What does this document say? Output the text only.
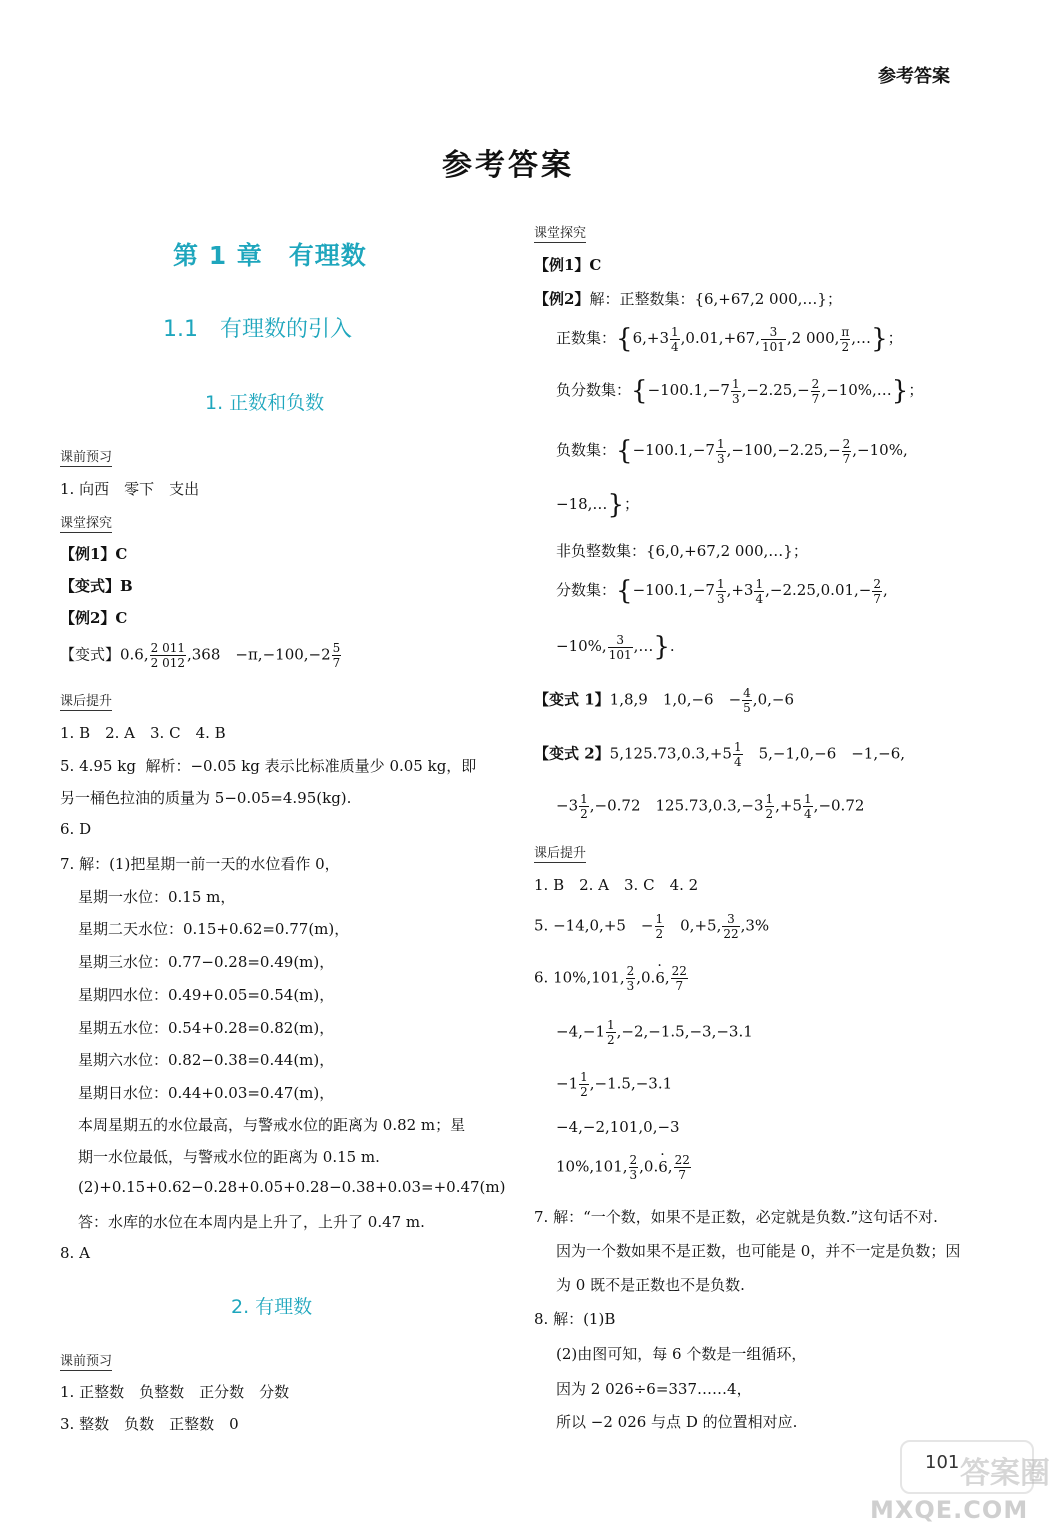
参考答案
参考答案
第 1 章　有理数
1.1　有理数的引入
1. 正数和负数
课前预习
1. 向西　零下　支出
课堂探究
【例1】C
【变式】B
【例2】C
【变式】0.6, $\frac{2 011}{2 012} ,368$　$-\pi,-100,-2 \frac{5}{7}$
课后提升
1. B　2. A　3. C　4. B
5. 4.95 kg 解析：−0.05 kg 表示比标准质量少 0.05 kg，即
另一桶色拉油的质量为 5−0.05=4.95(kg).
6. D
7. 解：(1)把星期一前一天的水位看作 0，
星期一水位：0.15 m，
星期二天水位：0.15+0.62=0.77(m)，
星期三水位：0.77−0.28=0.49(m)，
星期四水位：0.49+0.05=0.54(m)，
星期五水位：0.54+0.28=0.82(m)，
星期六水位：0.82−0.38=0.44(m)，
星期日水位：0.44+0.03=0.47(m)，
本周星期五的水位最高，与警戒水位的距离为 0.82 m；星
期一水位最低，与警戒水位的距离为 0.15 m.
(2)+0.15+0.62−0.28+0.05+0.28−0.38+0.03=+0.47(m)
答：水库的水位在本周内是上升了，上升了 0.47 m.
8. A
2. 有理数
课前预习
1. 正整数　负整数　正分数　分数
3. 整数　负数　正整数　0
课堂探究
【例1】C
【例2】解：正整数集：{6,+67,2 000,…}；
正数集：{$6,+3 \frac{1}{4} ,0.01,+67$, $\frac{3}{101} ,2$ 000, $\frac{\pi}{2}$ ,…}；
负分数集：{$-100.1,-7 \frac{1}{3} ,-2.25,- \frac{2}{7}$ ,−10%,…}；
负数集：{$-100.1,-7 \frac{1}{3} ,-100,-2.25,- \frac{2}{7} ,-10\%$,
−18,…}；
非负整数集：{6,0,+67,2 000,…}；
分数集：{$-100.1,-7 \frac{1}{3} ,+3 \frac{1}{4} ,-2.25,0.01,- \frac{2}{7}$ ,
−10%, $\frac{3}{101}$ ,…}.
【变式 1】1,8,9　1,0,−6　− $\frac{4}{5} ,0,-6$
【变式 2】$5,125.73,0.3,+5 \frac{1}{4}$ 　5,−1,0,−6　−1,−6,
$-3 \frac{1}{2} ,-0.72$　$125.73,0.3,-3 \frac{1}{2} ,+5 \frac{1}{4} ,-0.72$
课后提升
1. B　2. A　3. C　4. 2
5. −14,0,+5　− $\frac{1}{2}$ 　0,+5, $\frac{3}{22} ,3\%$
6. 10%,101, $\frac{2}{3} ,0.\cdot 6$, $\frac{22}{7}$
$-4,-1 \frac{1}{2} ,-2,-1.5,-3,-3.1$
$-1 \frac{1}{2} ,-1.5,-3.1$
−4,−2,101,0,−3
10%,101, $\frac{2}{3} ,0.\cdot 6$, $\frac{22}{7}$
7. 解：“一个数，如果不是正数，必定就是负数.”这句话不对.
因为一个数如果不是正数，也可能是 0，并不一定是负数；因
为 0 既不是正数也不是负数.
8. 解：(1)B
(2)由图可知，每 6 个数是一组循环，
因为 2 026÷6=337……4，
所以 −2 026 与点 D 的位置相对应.
101 答案圈
MXQE.COM
